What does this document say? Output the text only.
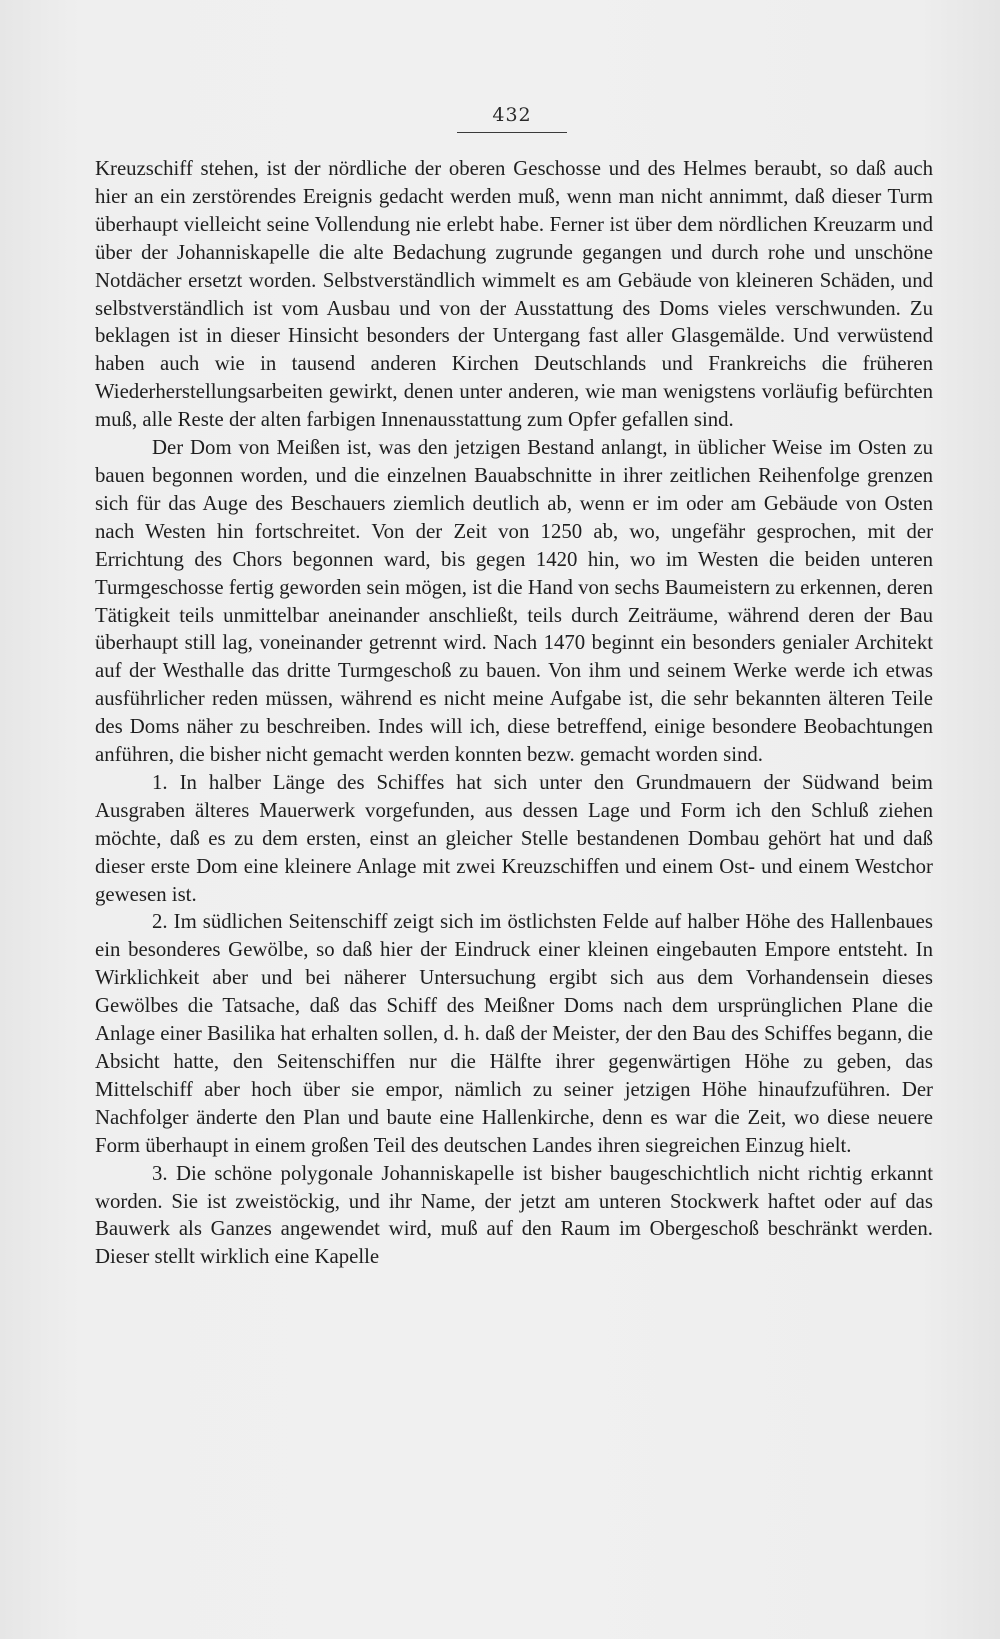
432

Kreuzschiff stehen, ist der nördliche der oberen Geschosse und des Helmes beraubt, so daß auch hier an ein zerstörendes Ereignis gedacht werden muß, wenn man nicht annimmt, daß dieser Turm überhaupt vielleicht seine Vollendung nie erlebt habe. Ferner ist über dem nördlichen Kreuzarm und über der Johanniskapelle die alte Bedachung zugrunde gegangen und durch rohe und unschöne Notdächer ersetzt worden. Selbstverständlich wimmelt es am Gebäude von kleineren Schäden, und selbstverständlich ist vom Ausbau und von der Ausstattung des Doms vieles verschwunden. Zu beklagen ist in dieser Hinsicht besonders der Untergang fast aller Glasgemälde. Und verwüstend haben auch wie in tausend anderen Kirchen Deutschlands und Frankreichs die früheren Wiederherstellungsarbeiten gewirkt, denen unter anderen, wie man wenigstens vorläufig befürchten muß, alle Reste der alten farbigen Innenausstattung zum Opfer gefallen sind.

Der Dom von Meißen ist, was den jetzigen Bestand anlangt, in üblicher Weise im Osten zu bauen begonnen worden, und die einzelnen Bauabschnitte in ihrer zeitlichen Reihenfolge grenzen sich für das Auge des Beschauers ziemlich deutlich ab, wenn er im oder am Gebäude von Osten nach Westen hin fortschreitet. Von der Zeit von 1250 ab, wo, ungefähr gesprochen, mit der Errichtung des Chors begonnen ward, bis gegen 1420 hin, wo im Westen die beiden unteren Turmgeschosse fertig geworden sein mögen, ist die Hand von sechs Baumeistern zu erkennen, deren Tätigkeit teils unmittelbar aneinander anschließt, teils durch Zeiträume, während deren der Bau überhaupt still lag, voneinander getrennt wird. Nach 1470 beginnt ein besonders genialer Architekt auf der Westhalle das dritte Turmgeschoß zu bauen. Von ihm und seinem Werke werde ich etwas ausführlicher reden müssen, während es nicht meine Aufgabe ist, die sehr bekannten älteren Teile des Doms näher zu beschreiben. Indes will ich, diese betreffend, einige besondere Beobachtungen anführen, die bisher nicht gemacht werden konnten bezw. gemacht worden sind.

1. In halber Länge des Schiffes hat sich unter den Grundmauern der Südwand beim Ausgraben älteres Mauerwerk vorgefunden, aus dessen Lage und Form ich den Schluß ziehen möchte, daß es zu dem ersten, einst an gleicher Stelle bestandenen Dombau gehört hat und daß dieser erste Dom eine kleinere Anlage mit zwei Kreuzschiffen und einem Ost- und einem Westchor gewesen ist.

2. Im südlichen Seitenschiff zeigt sich im östlichsten Felde auf halber Höhe des Hallenbaues ein besonderes Gewölbe, so daß hier der Eindruck einer kleinen eingebauten Empore entsteht. In Wirklichkeit aber und bei näherer Untersuchung ergibt sich aus dem Vorhandensein dieses Gewölbes die Tatsache, daß das Schiff des Meißner Doms nach dem ursprünglichen Plane die Anlage einer Basilika hat erhalten sollen, d. h. daß der Meister, der den Bau des Schiffes begann, die Absicht hatte, den Seitenschiffen nur die Hälfte ihrer gegenwärtigen Höhe zu geben, das Mittelschiff aber hoch über sie empor, nämlich zu seiner jetzigen Höhe hinaufzuführen. Der Nachfolger änderte den Plan und baute eine Hallenkirche, denn es war die Zeit, wo diese neuere Form überhaupt in einem großen Teil des deutschen Landes ihren siegreichen Einzug hielt.

3. Die schöne polygonale Johanniskapelle ist bisher baugeschichtlich nicht richtig erkannt worden. Sie ist zweistöckig, und ihr Name, der jetzt am unteren Stockwerk haftet oder auf das Bauwerk als Ganzes angewendet wird, muß auf den Raum im Obergeschoß beschränkt werden. Dieser stellt wirklich eine Kapelle
